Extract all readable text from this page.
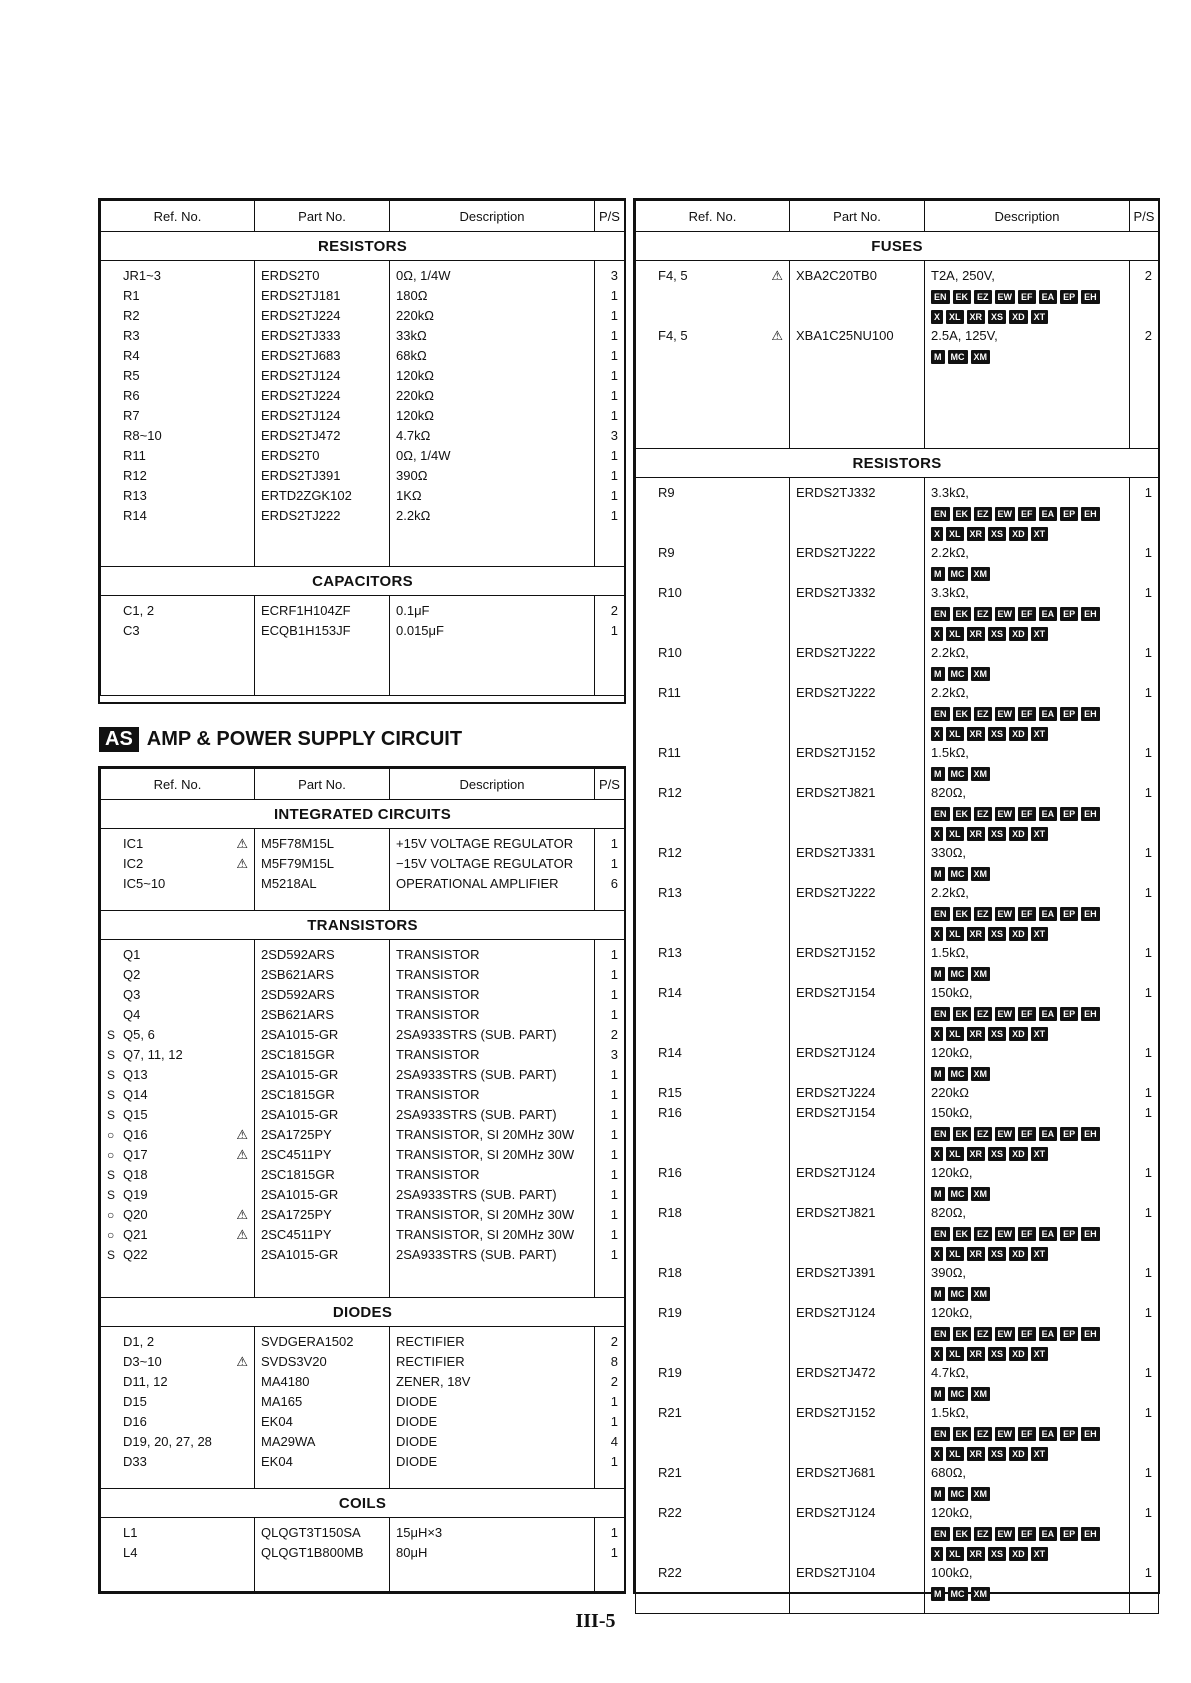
Ref. No.	Part No.	Description	P/S
RESISTORS			

JR1~3	ERDS2T0	0Ω, 1/4W	3
R1	ERDS2TJ181	180Ω	1
R2	ERDS2TJ224	220kΩ	1
R3	ERDS2TJ333	33kΩ	1
R4	ERDS2TJ683	68kΩ	1
R5	ERDS2TJ124	120kΩ	1
R6	ERDS2TJ224	220kΩ	1
R7	ERDS2TJ124	120kΩ	1
R8~10	ERDS2TJ472	4.7kΩ	3
R11	ERDS2T0	0Ω, 1/4W	1
R12	ERDS2TJ391	390Ω	1
R13	ERTD2ZGK102	1KΩ	1
R14	ERDS2TJ222	2.2kΩ	1

CAPACITORS			

C1, 2	ECRF1H104ZF	0.1μF	2
C3	ECQB1H153JF	0.015μF	1

AS AMP & POWER SUPPLY CIRCUIT
Ref. No.	Part No.	Description	P/S
INTEGRATED CIRCUITS			

IC1 ⚠	M5F78M15L	+15V VOLTAGE REGULATOR	1
IC2 ⚠	M5F79M15L	−15V VOLTAGE REGULATOR	1
IC5~10	M5218AL	OPERATIONAL AMPLIFIER	6

TRANSISTORS			

Q1	2SD592ARS	TRANSISTOR	1
Q2	2SB621ARS	TRANSISTOR	1
Q3	2SD592ARS	TRANSISTOR	1
Q4	2SB621ARS	TRANSISTOR	1
S Q5, 6	2SA1015-GR	2SA933STRS (SUB. PART)	2
S Q7, 11, 12	2SC1815GR	TRANSISTOR	3
S Q13	2SA1015-GR	2SA933STRS (SUB. PART)	1
S Q14	2SC1815GR	TRANSISTOR	1
S Q15	2SA1015-GR	2SA933STRS (SUB. PART)	1
○ Q16 ⚠	2SA1725PY	TRANSISTOR, SI 20MHz 30W	1
○ Q17 ⚠	2SC4511PY	TRANSISTOR, SI 20MHz 30W	1
S Q18	2SC1815GR	TRANSISTOR	1
S Q19	2SA1015-GR	2SA933STRS (SUB. PART)	1
○ Q20 ⚠	2SA1725PY	TRANSISTOR, SI 20MHz 30W	1
○ Q21 ⚠	2SC4511PY	TRANSISTOR, SI 20MHz 30W	1
S Q22	2SA1015-GR	2SA933STRS (SUB. PART)	1

DIODES			

D1, 2	SVDGERA1502	RECTIFIER	2
D3~10 ⚠	SVDS3V20	RECTIFIER	8
D11, 12	MA4180	ZENER, 18V	2
D15	MA165	DIODE	1
D16	EK04	DIODE	1
D19, 20, 27, 28	MA29WA	DIODE	4
D33	EK04	DIODE	1

COILS			

L1	QLQGT3T150SA	15μH×3	1
L4	QLQGT1B800MB	80μH	1

Ref. No.	Part No.	Description	P/S
FUSES			

F4, 5 ⚠	XBA2C20TB0	T2A, 250V,
EN EK EZ EW EF EA EP EH
X XL XR XS XD XT	2
F4, 5 ⚠	XBA1C25NU100	2.5A, 125V,
M MC XM	2

RESISTORS			

R9	ERDS2TJ332	3.3kΩ,
EN EK EZ EW EF EA EP EH
X XL XR XS XD XT	1
R9	ERDS2TJ222	2.2kΩ,
M MC XM	1
R10	ERDS2TJ332	3.3kΩ,
EN EK EZ EW EF EA EP EH
X XL XR XS XD XT	1
R10	ERDS2TJ222	2.2kΩ,
M MC XM	1
R11	ERDS2TJ222	2.2kΩ,
EN EK EZ EW EF EA EP EH
X XL XR XS XD XT	1
R11	ERDS2TJ152	1.5kΩ,
M MC XM	1
R12	ERDS2TJ821	820Ω,
EN EK EZ EW EF EA EP EH
X XL XR XS XD XT	1
R12	ERDS2TJ331	330Ω,
M MC XM	1
R13	ERDS2TJ222	2.2kΩ,
EN EK EZ EW EF EA EP EH
X XL XR XS XD XT	1
R13	ERDS2TJ152	1.5kΩ,
M MC XM	1
R14	ERDS2TJ154	150kΩ,
EN EK EZ EW EF EA EP EH
X XL XR XS XD XT	1
R14	ERDS2TJ124	120kΩ,
M MC XM	1
R15	ERDS2TJ224	220kΩ	1
R16	ERDS2TJ154	150kΩ,
EN EK EZ EW EF EA EP EH
X XL XR XS XD XT	1
R16	ERDS2TJ124	120kΩ,
M MC XM	1
R18	ERDS2TJ821	820Ω,
EN EK EZ EW EF EA EP EH
X XL XR XS XD XT	1
R18	ERDS2TJ391	390Ω,
M MC XM	1
R19	ERDS2TJ124	120kΩ,
EN EK EZ EW EF EA EP EH
X XL XR XS XD XT	1
R19	ERDS2TJ472	4.7kΩ,
M MC XM	1
R21	ERDS2TJ152	1.5kΩ,
EN EK EZ EW EF EA EP EH
X XL XR XS XD XT	1
R21	ERDS2TJ681	680Ω,
M MC XM	1
R22	ERDS2TJ124	120kΩ,
EN EK EZ EW EF EA EP EH
X XL XR XS XD XT	1
R22	ERDS2TJ104	100kΩ,
M MC XM	1

III-5
